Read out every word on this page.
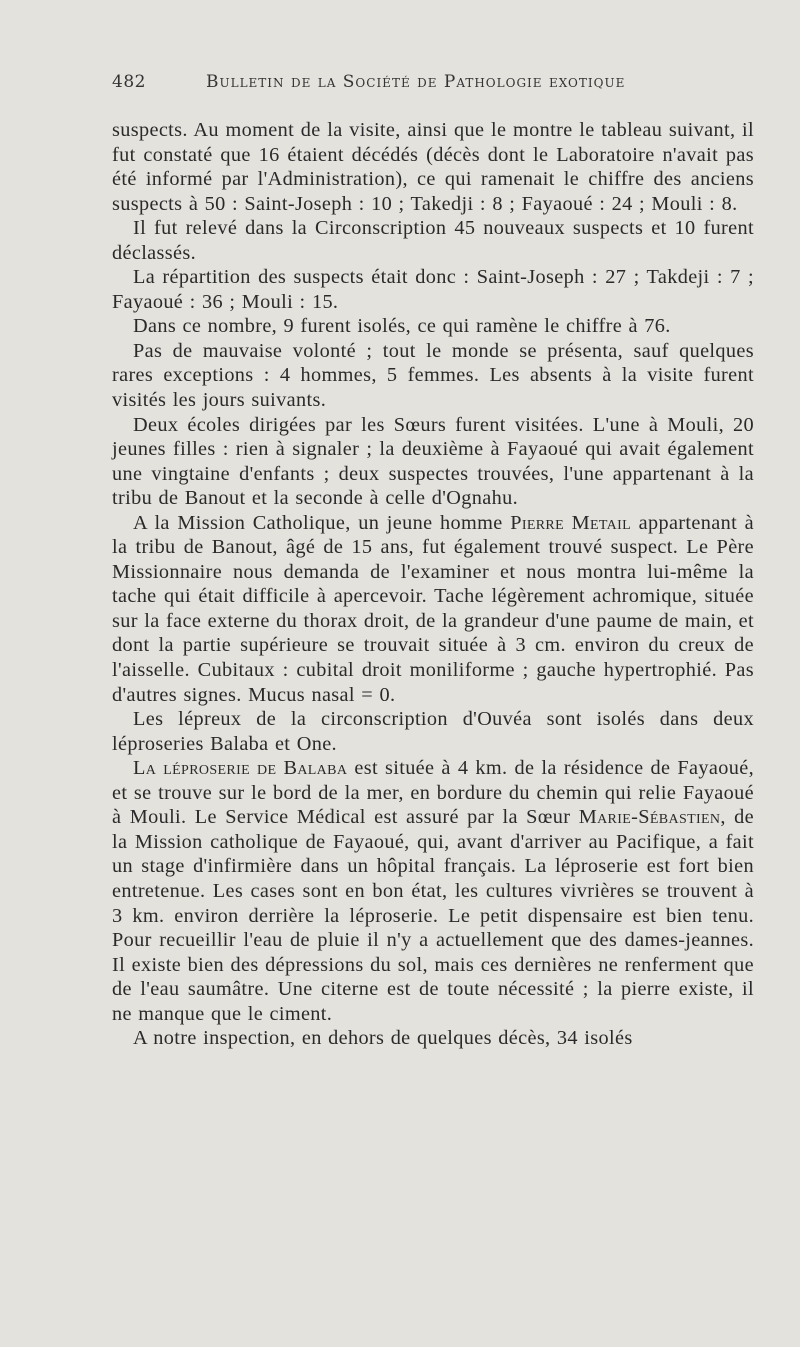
482	Bulletin de la Société de Pathologie exotique

suspects. Au moment de la visite, ainsi que le montre le tableau suivant, il fut constaté que 16 étaient décédés (décès dont le Laboratoire n'avait pas été informé par l'Administration), ce qui ramenait le chiffre des anciens suspects à 50 : Saint-Joseph : 10 ; Takedji : 8 ; Fayaoué : 24 ; Mouli : 8.

Il fut relevé dans la Circonscription 45 nouveaux suspects et 10 furent déclassés.

La répartition des suspects était donc : Saint-Joseph : 27 ; Takdeji : 7 ; Fayaoué : 36 ; Mouli : 15.

Dans ce nombre, 9 furent isolés, ce qui ramène le chiffre à 76.

Pas de mauvaise volonté ; tout le monde se présenta, sauf quelques rares exceptions : 4 hommes, 5 femmes. Les absents à la visite furent visités les jours suivants.

Deux écoles dirigées par les Sœurs furent visitées. L'une à Mouli, 20 jeunes filles : rien à signaler ; la deuxième à Fayaoué qui avait également une vingtaine d'enfants ; deux suspectes trouvées, l'une appartenant à la tribu de Banout et la seconde à celle d'Ognahu.

A la Mission Catholique, un jeune homme Pierre Metail appartenant à la tribu de Banout, âgé de 15 ans, fut également trouvé suspect. Le Père Missionnaire nous demanda de l'examiner et nous montra lui-même la tache qui était difficile à apercevoir. Tache légèrement achromique, située sur la face externe du thorax droit, de la grandeur d'une paume de main, et dont la partie supérieure se trouvait située à 3 cm. environ du creux de l'aisselle. Cubitaux : cubital droit moniliforme ; gauche hypertrophié. Pas d'autres signes. Mucus nasal = 0.

Les lépreux de la circonscription d'Ouvéa sont isolés dans deux léproseries Balaba et One.

La léproserie de Balaba est située à 4 km. de la résidence de Fayaoué, et se trouve sur le bord de la mer, en bordure du chemin qui relie Fayaoué à Mouli. Le Service Médical est assuré par la Sœur Marie-Sébastien, de la Mission catholique de Fayaoué, qui, avant d'arriver au Pacifique, a fait un stage d'infirmière dans un hôpital français. La léproserie est fort bien entretenue. Les cases sont en bon état, les cultures vivrières se trouvent à 3 km. environ derrière la léproserie. Le petit dispensaire est bien tenu. Pour recueillir l'eau de pluie il n'y a actuellement que des dames-jeannes. Il existe bien des dépressions du sol, mais ces dernières ne renferment que de l'eau saumâtre. Une citerne est de toute nécessité ; la pierre existe, il ne manque que le ciment.

A notre inspection, en dehors de quelques décès, 34 isolés
